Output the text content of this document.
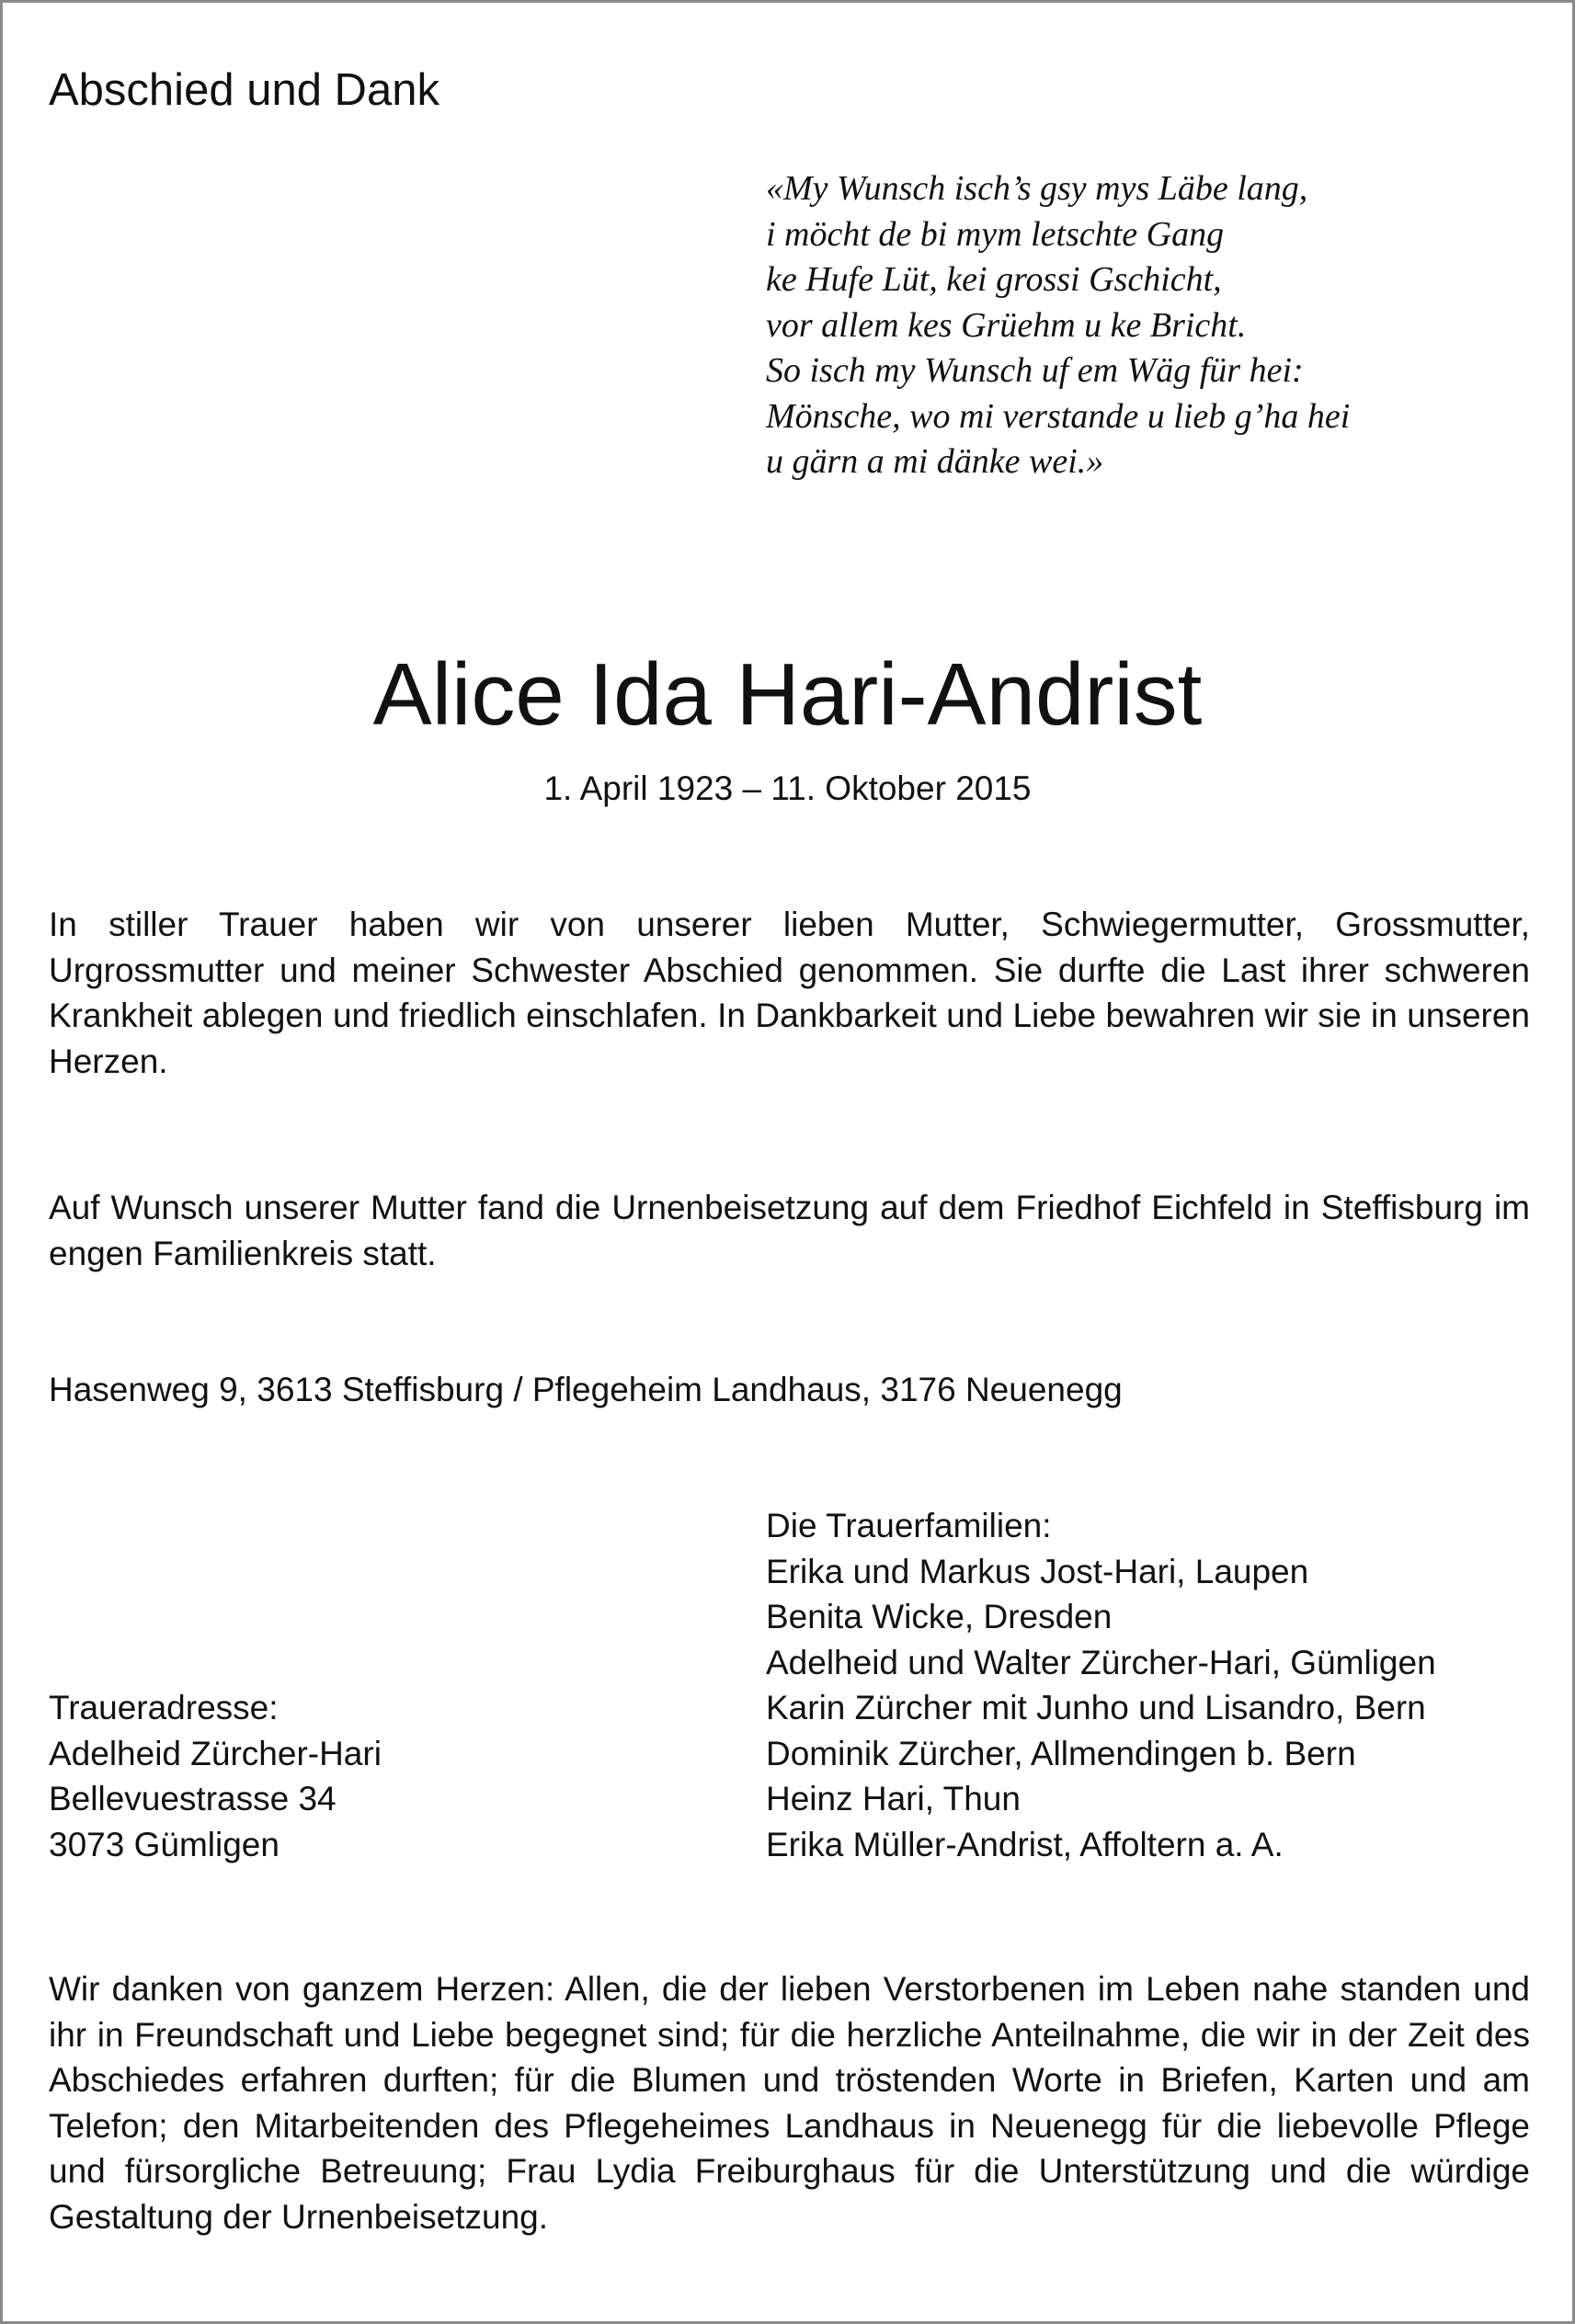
Abschied und Dank
«My Wunsch isch’s gsy mys Läbe lang,
i möcht de bi mym letschte Gang
ke Hufe Lüt, kei grossi Gschicht,
vor allem kes Grüehm u ke Bricht.
So isch my Wunsch uf em Wäg für hei:
Mönsche, wo mi verstande u lieb g’ha hei
u gärn a mi dänke wei.»
Alice Ida Hari-Andrist
1. April 1923 – 11. Oktober 2015

In stiller Trauer haben wir von unserer lieben Mutter, Schwiegermutter, Grossmutter, Urgrossmutter und meiner Schwester Abschied genommen. Sie durfte die Last ihrer schweren Krankheit ablegen und friedlich einschlafen. In Dankbarkeit und Liebe bewahren wir sie in unseren Herzen.

Auf Wunsch unserer Mutter fand die Urnenbeisetzung auf dem Friedhof Eichfeld in Steffisburg im engen Familienkreis statt.

Hasenweg 9, 3613 Steffisburg / Pflegeheim Landhaus, 3176 Neuenegg
Die Trauerfamilien:
Erika und Markus Jost-Hari, Laupen
Benita Wicke, Dresden
Adelheid und Walter Zürcher-Hari, Gümligen
Karin Zürcher mit Junho und Lisandro, Bern
Dominik Zürcher, Allmendingen b. Bern
Heinz Hari, Thun
Erika Müller-Andrist, Affoltern a. A.
Traueradresse:
Adelheid Zürcher-Hari
Bellevuestrasse 34
3073 Gümligen

Wir danken von ganzem Herzen: Allen, die der lieben Verstorbenen im Leben nahe standen und ihr in Freundschaft und Liebe begegnet sind; für die herzliche Anteilnahme, die wir in der Zeit des Abschiedes erfahren durften; für die Blumen und tröstenden Worte in Briefen, Karten und am Telefon; den Mitarbeitenden des Pflegeheimes Landhaus in Neuenegg für die liebevolle Pflege und fürsorgliche Betreuung; Frau Lydia Freiburghaus für die Unterstützung und die würdige Gestaltung der Urnenbeisetzung.
